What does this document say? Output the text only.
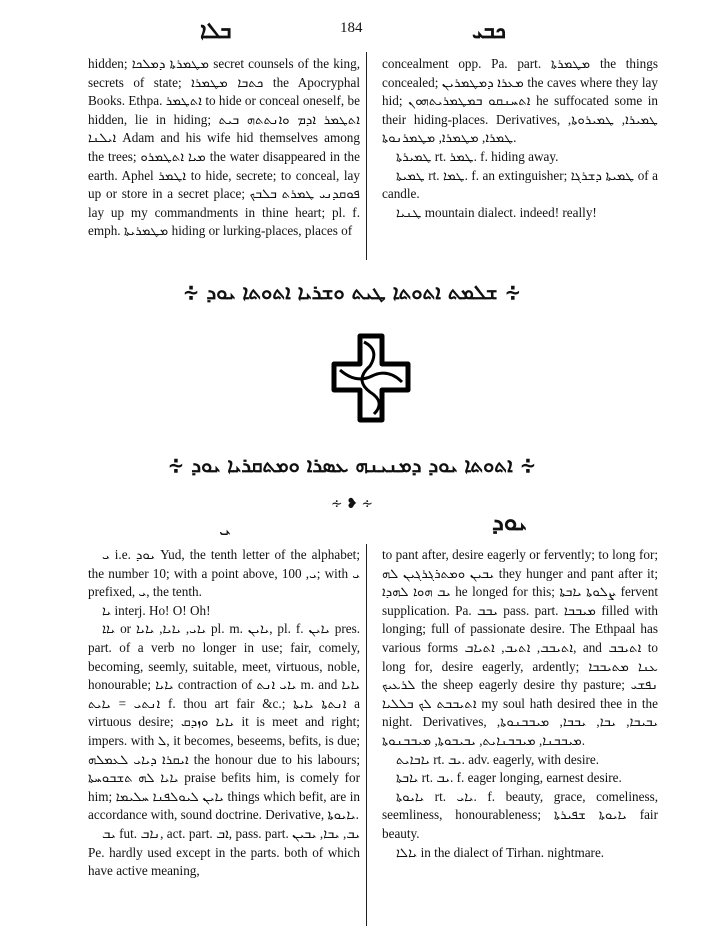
ܒܠܐ	184	ܟܒܝ

hidden; ܡܛܡܪܬܐ ܕܡܠܟܐ secret counsels of the king, secrets of state; ܟܬܒܐ ܡܛܡܪܐ the Apocryphal Books. Ethpa. ܐܬܛܡܪ to hide or conceal oneself, be hidden, lie in hiding; ܐܬܛܡܪ ܐܕܡ ܘܐܢܬܬܗ ܒܝܬ ܐܝܠܢܐ Adam and his wife hid themselves among the trees; ܡܝܐ ܐܬܛܡܪܘ the water disappeared in the earth. Aphel ܐܛܡܪ to hide, secrete; to conceal, lay up or store in a secret place; ܦܘܩܕܢܝ ܛܡܪܬ ܒܠܒܟ lay up my commandments in thine heart; pl. f. emph. ܡܛܡܪܝܬܐ hiding or lurking-places, places of

concealment opp. Pa. part. ܡܛܡܪܬܐ the things concealed; ܡܥܪܐ ܕܡܛܡܪܝܢ the caves where they lay hid; ܐܬܚܢܩܘ ܒܡܛܡܪܝܬܗܘܢ he suffocated some in their hiding-places. Derivatives, ܛܡܝܪܐ, ܛܡܝܪܘܬܐ, ܛܡܪܐ, ܡܛܡܪܐ, ܡܛܡܪܢܘܬܐ.

ܛܡܝܪܬܐ rt. ܛܡܪ. f. hiding away.

ܛܡܝܬܐ rt. ܛܡܐ. f. an extinguisher; ܛܡܝܬܐ ܕܫܪܓܐ of a candle.

ܛܢܝܐ mountain dialect. indeed! really!

∻ ܫܠܡܬ ܐܬܘܬܐ ܛܝܬ ܘܫܪܝܐ ܐܬܘܬܐ ܝܘܕ ∻
∻ ܐܬܘܬܐ ܝܘܕ ܕܡܢܝܢܗ ܥܣܪܐ ܘܡܬܩܪܝܐ ܝܘܕ ∻
∻ ❥ ∻
ܝ	ܝܘܕ

ܝ i.e. ܝܘܕ Yud, the tenth letter of the alphabet; the number 10; with a point above, ܝ, 100; with ܝ prefixed, ܝ, the tenth.

ܝܐ interj. Ho! O! Oh!

ܝܐܐ or ܝܐܝ, ܝܐܝܐ, ܝܐܝܐ pl. m. ܝܐܝܢ, pl. f. ܝܐܝܢ pres. part. of a verb no longer in use; fair, comely, becoming, seemly, suitable, meet, virtuous, noble, honourable; ܝܐܝܐ contraction of ܝܐܝ ܐܢܬ m. and ܝܐܝܐ ܐܢܬܝ = ܝܐܝܬ f. thou art fair &c.; ܐܢܬܬܐ ܝܐܝܬܐ a virtuous desire; ܝܐܝܐ ܘܙܕܩ it is meet and right; impers. with ܠ, it becomes, beseems, befits, is due; ܐܝܩܪܐ ܕܝܐܝ ܠܥܡܠܗ the honour due to his labours; ܝܐܝܐ ܠܗ ܬܫܒܘܚܬܐ praise befits him, is comely for him; ܝܐܝܢ ܠܝܘܠܦܢܐ ܚܠܝܡܐ things which befit, are in accordance with, sound doctrine. Derivative, ܝܐܝܘܬܐ.

ܝܒ fut. ܢܐܒ, act. part. ܐܒ, pass. part. ܝܒ, ܝܒܐ, ܝܒܝܢ Pe. hardly used except in the parts. both of which have active meaning,

to pant after, desire eagerly or fervently; to long for; ܝܒܝܢ ܘܡܬܪܓܪܓܝܢ ܠܗ they hunger and pant after it; ܝܒ ܗܘܐ ܠܗܕܐ he longed for this; ܨܠܘܬܐ ܝܐܒܬܐ fervent supplication. Pa. ܝܒܒ pass. part. ܡܝܒܒܐ filled with longing; full of passionate desire. The Ethpaal has various forms ܐܬܝܒܒ, ܐܬܝܒ, ܐܬܝܐܒ, and ܐܬܝܒܒ to long for, desire eagerly, ardently; ܥܢܐ ܡܬܝܒܒܐ ܠܪܥܝܟ the sheep eagerly desire thy pasture; ܢܦܫܝ ܐܬܝܒܒܬ ܠܟ ܒܠܠܝܐ my soul hath desired thee in the night. Derivatives, ܝܒܝܒܐ, ܝܒܐ, ܝܒܒܐ, ܡܝܒܒܢܘܬܐ, ܡܝܒܒܢܐ, ܡܝܒܒܢܐܝܬ, ܝܒܝܒܘܬܐ, ܡܝܒܒܢܘܬܐ.

ܝܐܒܐܝܬ rt. ܝܒ. adv. eagerly, with desire.

ܝܐܒܬܐ rt. ܝܒ. f. eager longing, earnest desire.

ܝܐܝܘܬܐ rt. ܝܐܝ. f. beauty, grace, comeliness, seemliness, honourableness; ܝܐܝܘܬܐ ܫܦܝܪܬܐ fair beauty.

ܝܐܠܐ in the dialect of Tirhan. nightmare.
